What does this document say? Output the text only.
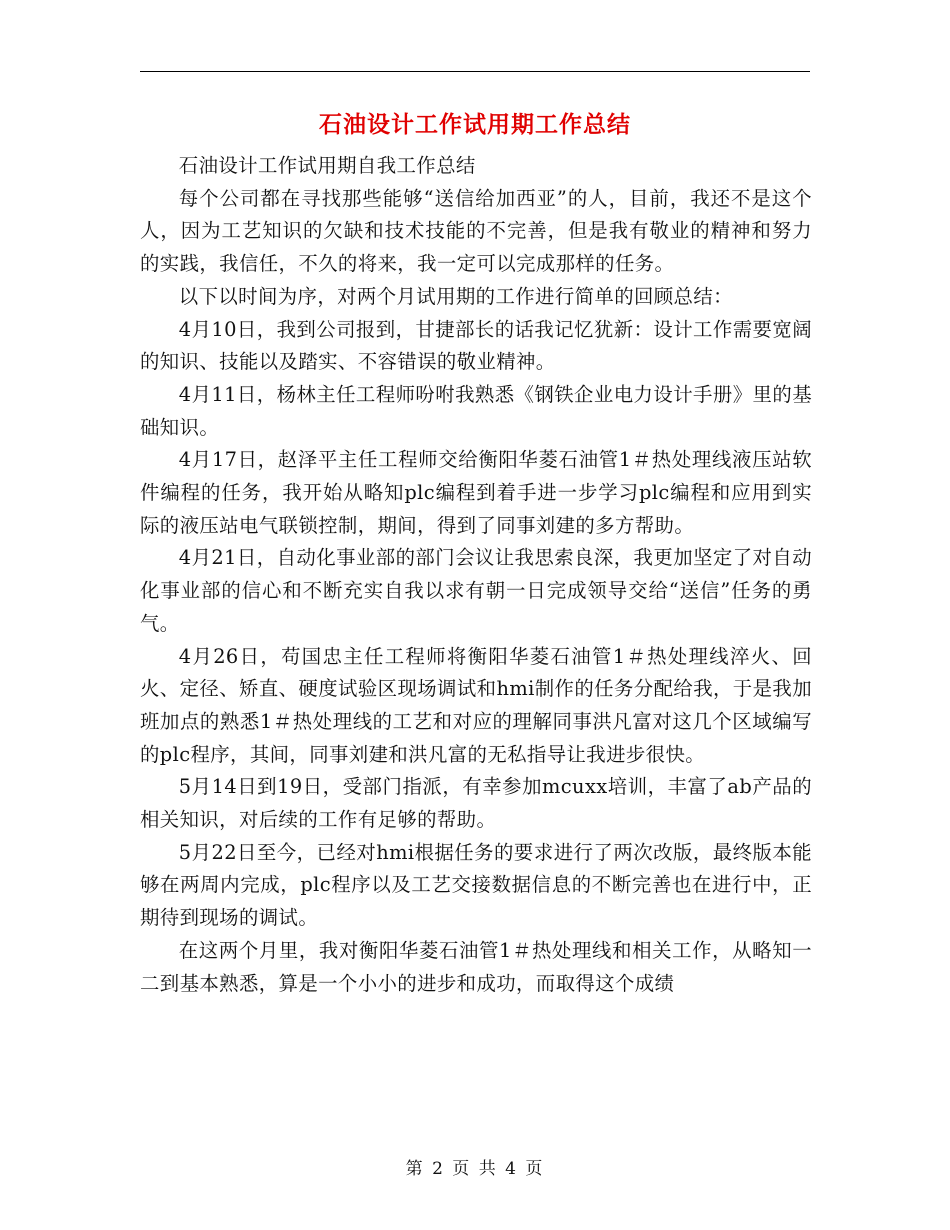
石油设计工作试用期工作总结

石油设计工作试用期自我工作总结

每个公司都在寻找那些能够“送信给加西亚”的人，目前，我还不是这个人，因为工艺知识的欠缺和技术技能的不完善，但是我有敬业的精神和努力的实践，我信任，不久的将来，我一定可以完成那样的任务。

以下以时间为序，对两个月试用期的工作进行简单的回顾总结：

4月10日，我到公司报到，甘捷部长的话我记忆犹新：设计工作需要宽阔的知识、技能以及踏实、不容错误的敬业精神。

4月11日，杨林主任工程师吩咐我熟悉《钢铁企业电力设计手册》里的基础知识。

4月17日，赵泽平主任工程师交给衡阳华菱石油管1＃热处理线液压站软件编程的任务，我开始从略知plc编程到着手进一步学习plc编程和应用到实际的液压站电气联锁控制，期间，得到了同事刘建的多方帮助。

4月21日，自动化事业部的部门会议让我思索良深，我更加坚定了对自动化事业部的信心和不断充实自我以求有朝一日完成领导交给“送信”任务的勇气。

4月26日，苟国忠主任工程师将衡阳华菱石油管1＃热处理线淬火、回火、定径、矫直、硬度试验区现场调试和hmi制作的任务分配给我，于是我加班加点的熟悉1＃热处理线的工艺和对应的理解同事洪凡富对这几个区域编写的plc程序，其间，同事刘建和洪凡富的无私指导让我进步很快。

5月14日到19日，受部门指派，有幸参加mcuxx培训，丰富了ab产品的相关知识，对后续的工作有足够的帮助。

5月22日至今，已经对hmi根据任务的要求进行了两次改版，最终版本能够在两周内完成，plc程序以及工艺交接数据信息的不断完善也在进行中，正期待到现场的调试。

在这两个月里，我对衡阳华菱石油管1＃热处理线和相关工作，从略知一二到基本熟悉，算是一个小小的进步和成功，而取得这个成绩

第 2 页 共 4 页
